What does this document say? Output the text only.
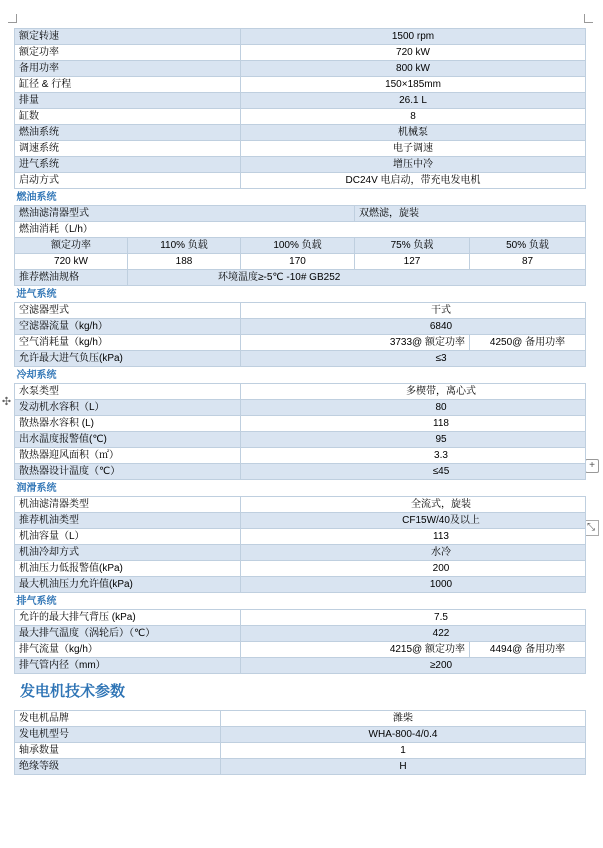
✣
+
⤡
额定转速		1500 rpm		
额定功率		720 kW		
备用功率		800 kW		
缸径 & 行程		150×185mm		
排量		26.1 L		
缸数		8		
燃油系统		机械泵		
调速系统		电子调速		
进气系统		增压中冷		
启动方式		DC24V 电启动，带充电发电机		
燃油系统				
燃油滤清器型式			双燃滤，旋装	
燃油消耗（L/h）				
额定功率	110% 负载	100% 负载	75% 负载	50% 负载
720 kW	188	170	127	87
推荐燃油规格	环境温度≥-5℃ -10# GB252			
进气系统				
空滤器型式		干式		
空滤器流量（kg/h）		6840		
空气消耗量（kg/h）		3733@ 额定功率		4250@ 备用功率
允许最大进气负压(kPa)		≤3		
冷却系统				
水泵类型		多楔带，离心式		
发动机水容积（L）		80		
散热器水容积 (L)		118		
出水温度报警值(℃)		95		
散热器迎风面积（㎡）		3.3		
散热器设计温度（℃）		≤45		
润滑系统				
机油滤清器类型		全流式，旋装		
推荐机油类型		CF15W/40及以上		
机油容量（L）		113		
机油冷却方式		水冷		
机油压力低报警值(kPa)		200		
最大机油压力允许值(kPa)		1000		
排气系统				
允许的最大排气背压 (kPa)		7.5		
最大排气温度（涡轮后）（℃）		422		
排气流量（kg/h）		4215@ 额定功率		4494@ 备用功率
排气管内径（mm）		≥200		
发电机技术参数
发电机品牌	潍柴
发电机型号	WHA-800-4/0.4
轴承数量	1
绝缘等级	H
